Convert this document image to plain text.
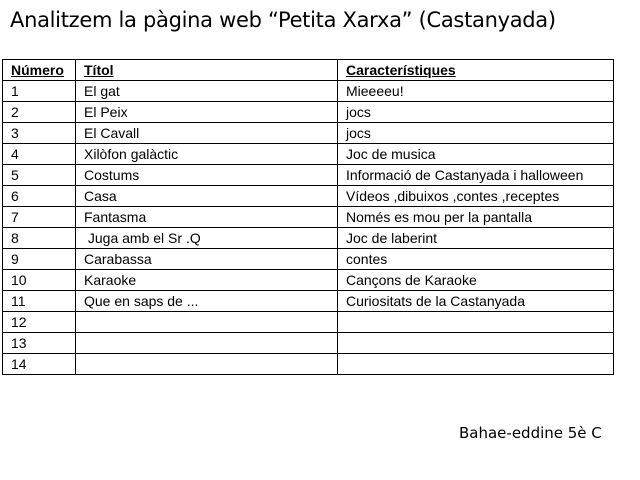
Analitzem la pàgina web “Petita Xarxa” (Castanyada)
Número	Títol	Característiques
1	El gat	Mieeeeu!
2	El Peix	jocs
3	El Cavall	jocs
4	Xilòfon galàctic	Joc de musica
5	Costums	Informació de Castanyada i halloween
6	Casa	Vídeos ,dibuixos ,contes ,receptes
7	Fantasma	Només es mou per la pantalla
8	Juga amb el Sr .Q	Joc de laberint
9	Carabassa	contes
10	Karaoke	Cançons de Karaoke
11	Que en saps de ...	Curiositats de la Castanyada
12		
13		
14		
Bahae-eddine 5è C
